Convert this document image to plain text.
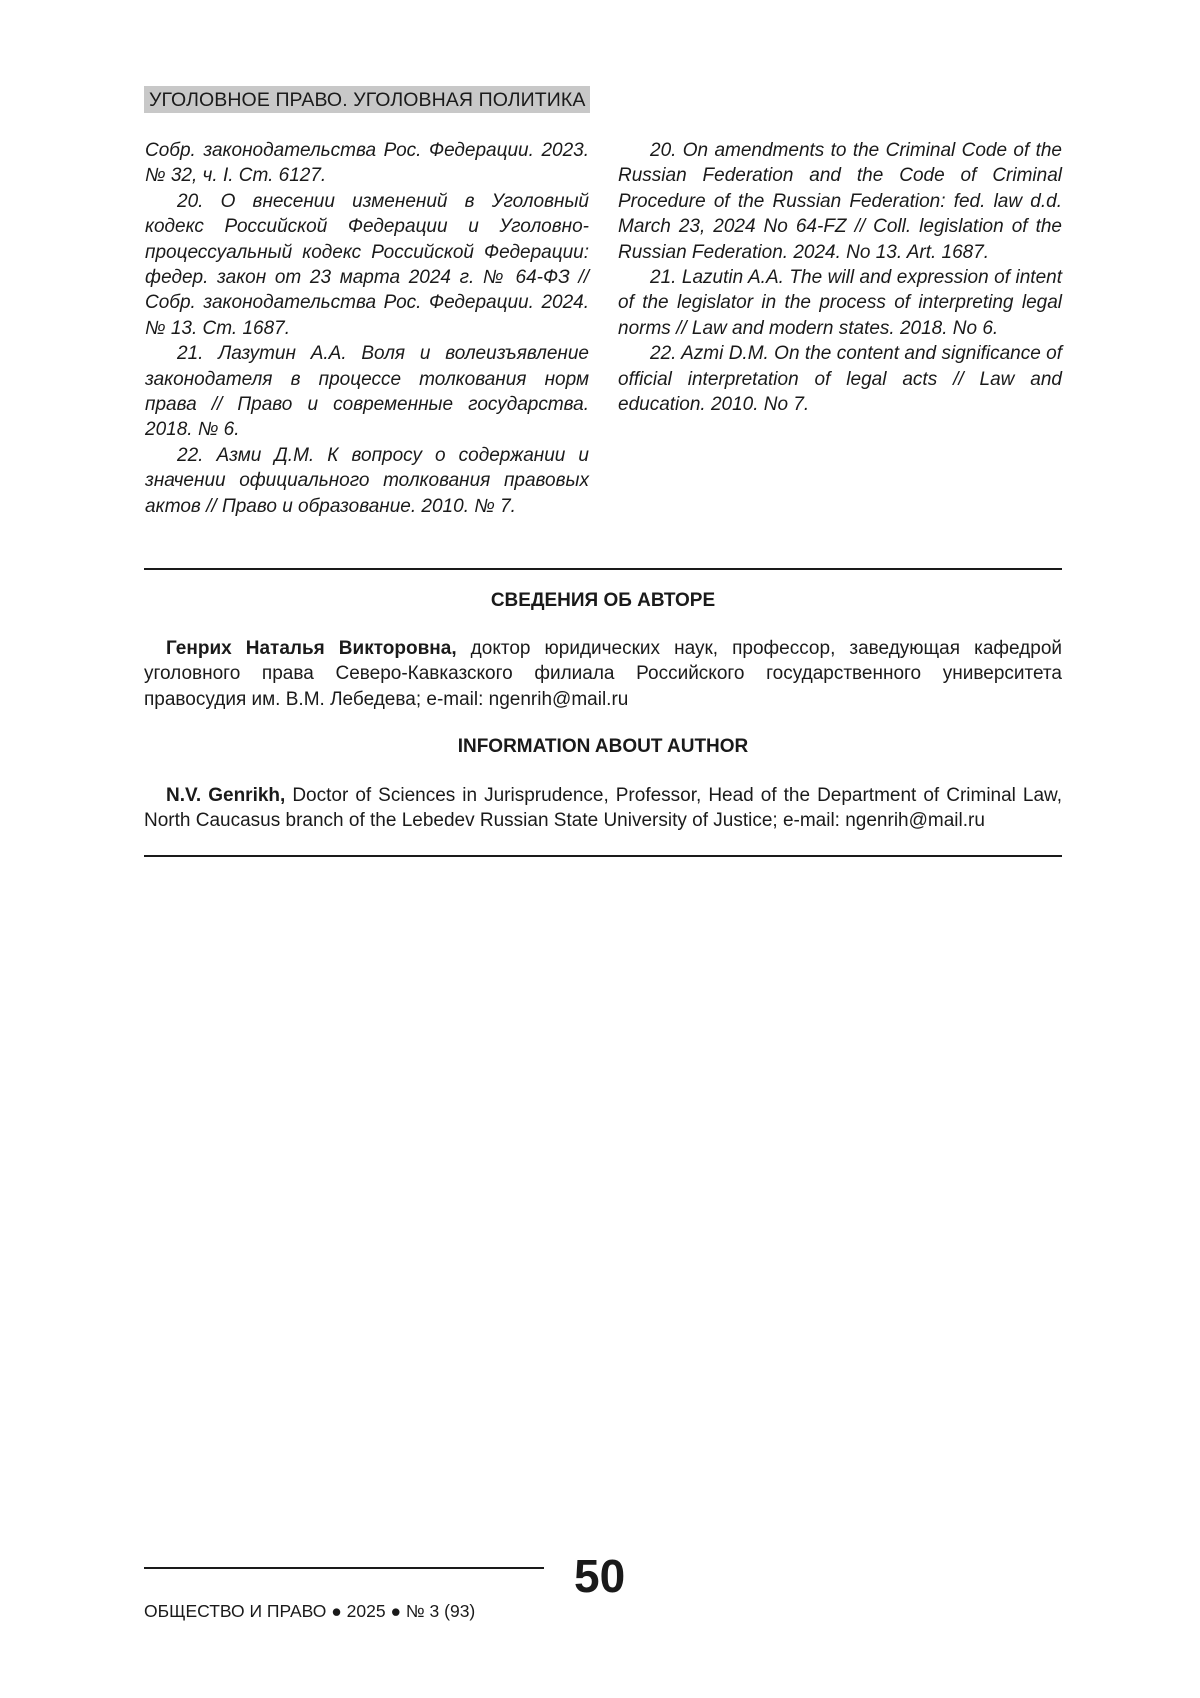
УГОЛОВНОЕ ПРАВО. УГОЛОВНАЯ ПОЛИТИКА

Собр. законодательства Рос. Федерации. 2023. № 32, ч. I. Ст. 6127.

20. О внесении изменений в Уголовный кодекс Российской Федерации и Уголовно-процессуальный кодекс Российской Федерации: федер. закон от 23 марта 2024 г. № 64-ФЗ // Собр. законодательства Рос. Федерации. 2024. № 13. Ст. 1687.

21. Лазутин А.А. Воля и волеизъявление законодателя в процессе толкования норм права // Право и современные государства. 2018. № 6.

22. Азми Д.М. К вопросу о содержании и значении официального толкования правовых актов // Право и образование. 2010. № 7.

20. On amendments to the Criminal Code of the Russian Federation and the Code of Criminal Procedure of the Russian Federation: fed. law d.d. March 23, 2024 No 64-FZ // Coll. legislation of the Russian Federation. 2024. No 13. Art. 1687.

21. Lazutin A.A. The will and expression of intent of the legislator in the process of interpreting legal norms // Law and modern states. 2018. No 6.

22. Azmi D.M. On the content and significance of official interpretation of legal acts // Law and education. 2010. No 7.

СВЕДЕНИЯ ОБ АВТОРЕ

Генрих Наталья Викторовна, доктор юридических наук, профессор, заведующая кафедрой уголовного права Северо-Кавказского филиала Российского государственного университета правосудия им. В.М. Лебедева; e-mail: ngenrih@mail.ru

INFORMATION ABOUT AUTHOR

N.V. Genrikh, Doctor of Sciences in Jurisprudence, Professor, Head of the Department of Criminal Law, North Caucasus branch of the Lebedev Russian State University of Justice; e-mail: ngenrih@mail.ru

50
ОБЩЕСТВО И ПРАВО ● 2025 ● № 3 (93)
